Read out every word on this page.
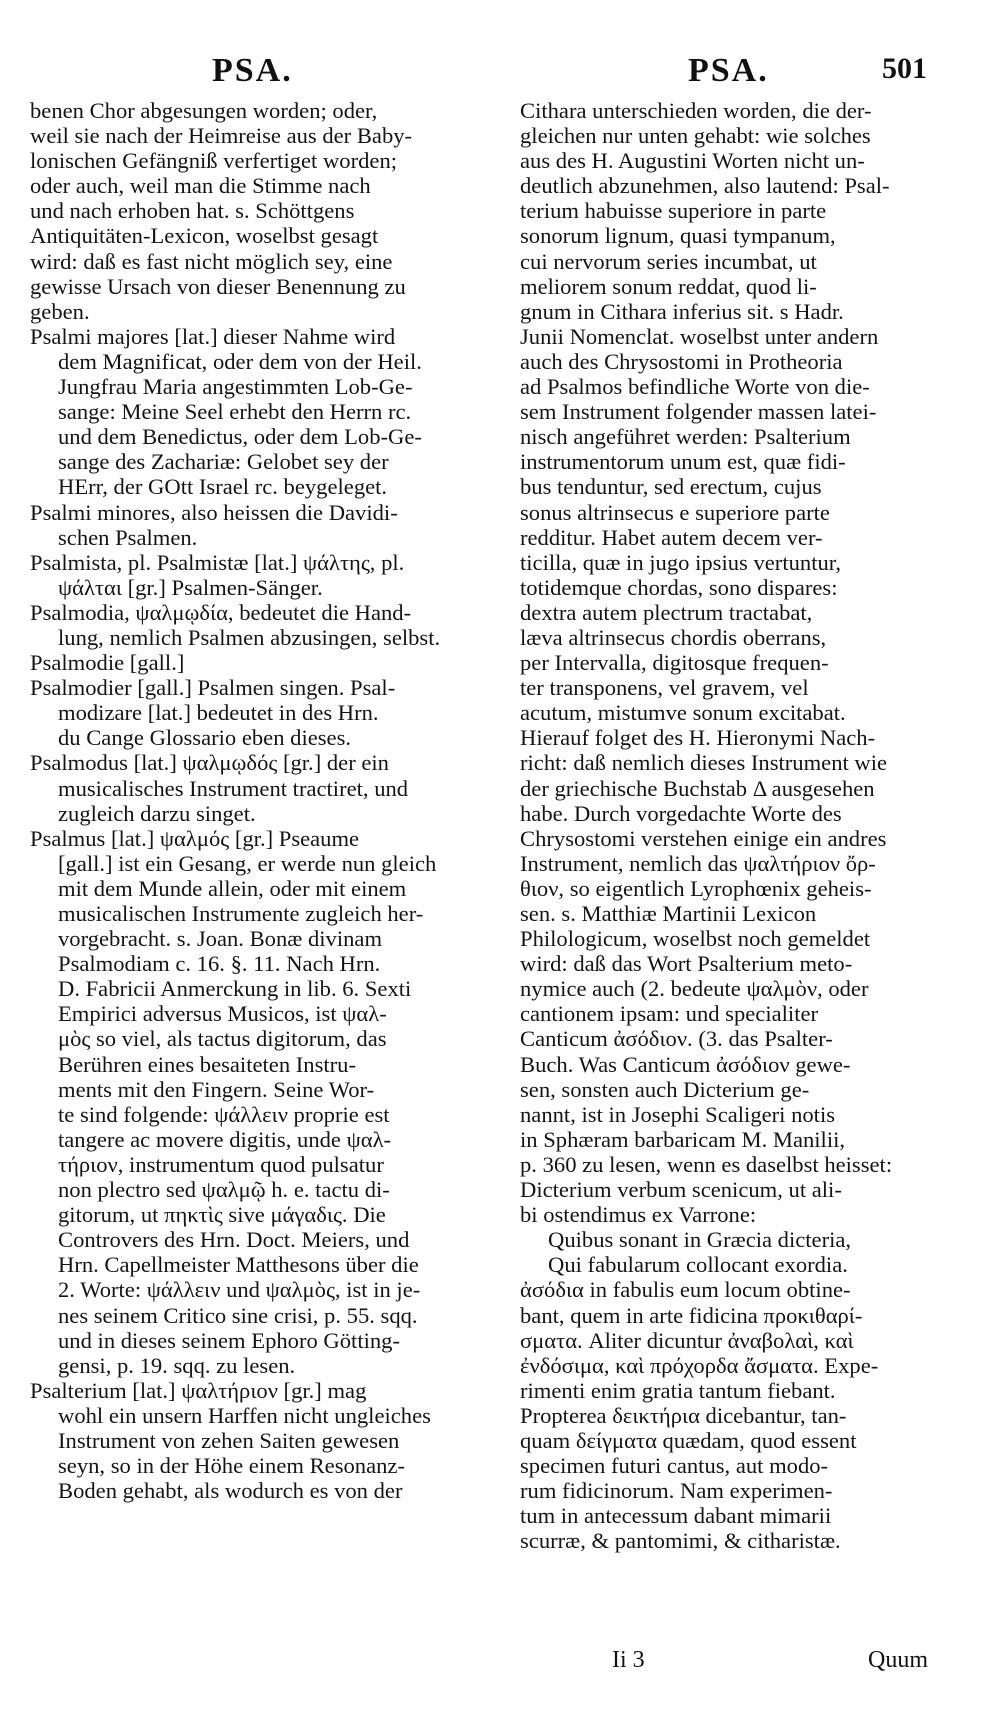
PSA.	PSA.	501
benen Chor abgesungen worden; oder,
weil sie nach der Heimreise aus der Baby-
lonischen Gefängniß verfertiget worden;
oder auch, weil man die Stimme nach
und nach erhoben hat. s. Schöttgens
Antiquitäten-Lexicon, woselbst gesagt
wird: daß es fast nicht möglich sey, eine
gewisse Ursach von dieser Benennung zu
geben.
Psalmi majores [lat.] dieser Nahme wird
dem Magnificat, oder dem von der Heil.
Jungfrau Maria angestimmten Lob-Ge-
sange: Meine Seel erhebt den Herrn rc.
und dem Benedictus, oder dem Lob-Ge-
sange des Zachariæ: Gelobet sey der
HErr, der GOtt Israel rc. beygeleget.
Psalmi minores, also heissen die Davidi-
schen Psalmen.
Psalmista, pl. Psalmistæ [lat.] ψάλτης, pl.
ψάλται [gr.] Psalmen-Sänger.
Psalmodia, ψαλμῳδία, bedeutet die Hand-
lung, nemlich Psalmen abzusingen, selbst.
Psalmodie [gall.]
Psalmodier [gall.] Psalmen singen. Psal-
modizare [lat.] bedeutet in des Hrn.
du Cange Glossario eben dieses.
Psalmodus [lat.] ψαλμῳδός [gr.] der ein
musicalisches Instrument tractiret, und
zugleich darzu singet.
Psalmus [lat.] ψαλμός [gr.] Pseaume
[gall.] ist ein Gesang, er werde nun gleich
mit dem Munde allein, oder mit einem
musicalischen Instrumente zugleich her-
vorgebracht. s. Joan. Bonæ divinam
Psalmodiam c. 16. §. 11. Nach Hrn.
D. Fabricii Anmerckung in lib. 6. Sexti
Empirici adversus Musicos, ist ψαλ-
μὸς so viel, als tactus digitorum, das
Berühren eines besaiteten Instru-
ments mit den Fingern. Seine Wor-
te sind folgende: ψάλλειν proprie est
tangere ac movere digitis, unde ψαλ-
τήριον, instrumentum quod pulsatur
non plectro sed ψαλμῷ h. e. tactu di-
gitorum, ut πηκτὶς sive μάγαδις. Die
Controvers des Hrn. Doct. Meiers, und
Hrn. Capellmeister Matthesons über die
2. Worte: ψάλλειν und ψαλμὸς, ist in je-
nes seinem Critico sine crisi, p. 55. sqq.
und in dieses seinem Ephoro Götting-
gensi, p. 19. sqq. zu lesen.
Psalterium [lat.] ψαλτήριον [gr.] mag
wohl ein unsern Harffen nicht ungleiches
Instrument von zehen Saiten gewesen
seyn, so in der Höhe einem Resonanz-
Boden gehabt, als wodurch es von der
Cithara unterschieden worden, die der-
gleichen nur unten gehabt: wie solches
aus des H. Augustini Worten nicht un-
deutlich abzunehmen, also lautend: Psal-
terium habuisse superiore in parte
sonorum lignum, quasi tympanum,
cui nervorum series incumbat, ut
meliorem sonum reddat, quod li-
gnum in Cithara inferius sit. s Hadr.
Junii Nomenclat. woselbst unter andern
auch des Chrysostomi in Protheoria
ad Psalmos befindliche Worte von die-
sem Instrument folgender massen latei-
nisch angeführet werden: Psalterium
instrumentorum unum est, quæ fidi-
bus tenduntur, sed erectum, cujus
sonus altrinsecus e superiore parte
redditur. Habet autem decem ver-
ticilla, quæ in jugo ipsius vertuntur,
totidemque chordas, sono dispares:
dextra autem plectrum tractabat,
læva altrinsecus chordis oberrans,
per Intervalla, digitosque frequen-
ter transponens, vel gravem, vel
acutum, mistumve sonum excitabat.
Hierauf folget des H. Hieronymi Nach-
richt: daß nemlich dieses Instrument wie
der griechische Buchstab Δ ausgesehen
habe. Durch vorgedachte Worte des
Chrysostomi verstehen einige ein andres
Instrument, nemlich das ψαλτήριον ὄρ-
θιον, so eigentlich Lyrophœnix geheis-
sen. s. Matthiæ Martinii Lexicon
Philologicum, woselbst noch gemeldet
wird: daß das Wort Psalterium meto-
nymice auch (2. bedeute ψαλμὸν, oder
cantionem ipsam: und specialiter
Canticum ἀσόδιον. (3. das Psalter-
Buch. Was Canticum ἀσόδιον gewe-
sen, sonsten auch Dicterium ge-
nannt, ist in Josephi Scaligeri notis
in Sphæram barbaricam M. Manilii,
p. 360 zu lesen, wenn es daselbst heisset:
Dicterium verbum scenicum, ut ali-
bi ostendimus ex Varrone:
Quibus sonant in Græcia dicteria,
Qui fabularum collocant exordia.
ἀσόδια in fabulis eum locum obtine-
bant, quem in arte fidicina προκιθαρί-
σματα. Aliter dicuntur ἀναβολαὶ, καὶ
ἐνδόσιμα, καὶ πρόχορδα ἄσματα. Expe-
rimenti enim gratia tantum fiebant.
Propterea δεικτήρια dicebantur, tan-
quam δείγματα quædam, quod essent
specimen futuri cantus, aut modo-
rum fidicinorum. Nam experimen-
tum in antecessum dabant mimarii
scurræ, & pantomimi, & citharistæ.
Ii 3	Quum
